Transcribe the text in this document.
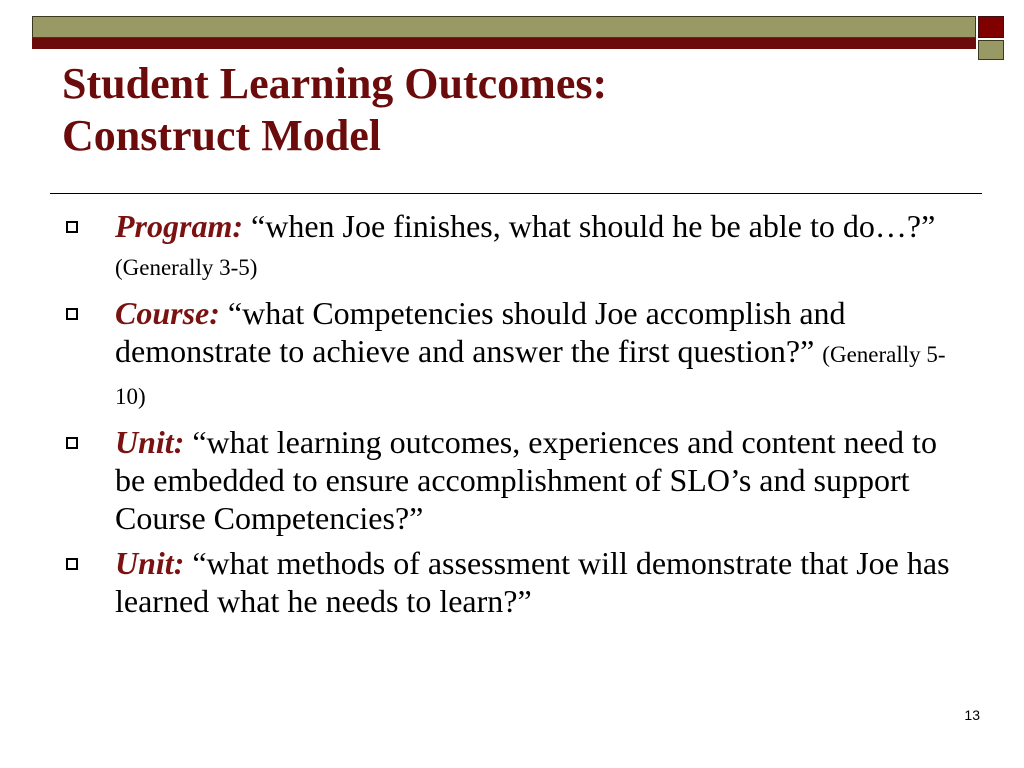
Student Learning Outcomes:
Construct Model
Program: “when Joe finishes, what should he be able to do…?” (Generally 3-5)
Course: “what Competencies should Joe accomplish and demonstrate to achieve and answer the first question?” (Generally 5-10)
Unit: “what learning outcomes, experiences and content need to be embedded to ensure accomplishment of SLO’s and support Course Competencies?”
Unit: “what methods of assessment will demonstrate that Joe has learned what he needs to learn?”
13
